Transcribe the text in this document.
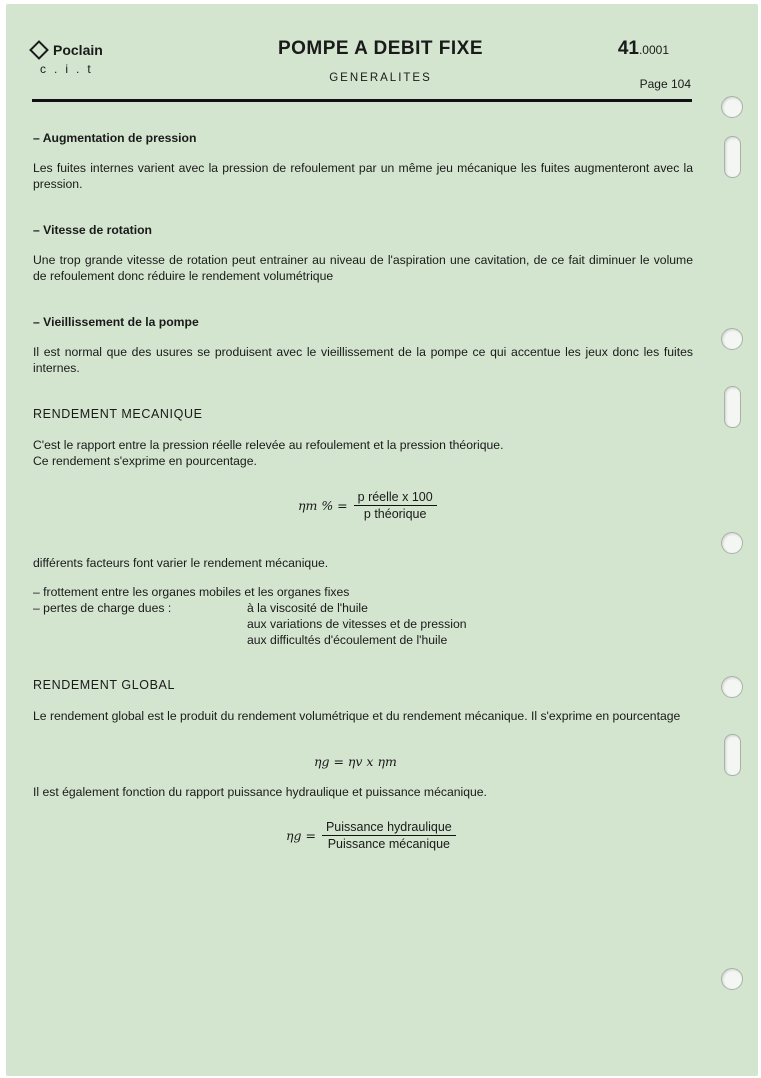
Poclain
c.i.t
POMPE A DEBIT FIXE
GENERALITES
41.0001
Page 104

– Augmentation de pression

Les fuites internes varient avec la pression de refoulement par un même jeu mécanique les fuites augmenteront avec la pression.

– Vitesse de rotation

Une trop grande vitesse de rotation peut entrainer au niveau de l'aspiration une cavitation, de ce fait diminuer le volume de refoulement donc réduire le rendement volumétrique

– Vieillissement de la pompe

Il est normal que des usures se produisent avec le vieillissement de la pompe ce qui accentue les jeux donc les fuites internes.

RENDEMENT MECANIQUE

C'est le rapport entre la pression réelle relevée au refoulement et la pression théorique.

Ce rendement s'exprime en pourcentage.

ηm % = $\frac{\text{p réelle x 100}}{\text{p théorique}}$

différents facteurs font varier le rendement mécanique.

– frottement entre les organes mobiles et les organes fixes
– pertes de charge dues :	à la viscosité de l'huile
aux variations de vitesses et de pression
aux difficultés d'écoulement de l'huile

RENDEMENT GLOBAL

Le rendement global est le produit du rendement volumétrique et du rendement mécanique. Il s'exprime en pourcentage

ηg = ηv x ηm

Il est également fonction du rapport puissance hydraulique et puissance mécanique.

$\eta g = \frac{\text{Puissance hydraulique}}{\text{Puissance mécanique}}$
